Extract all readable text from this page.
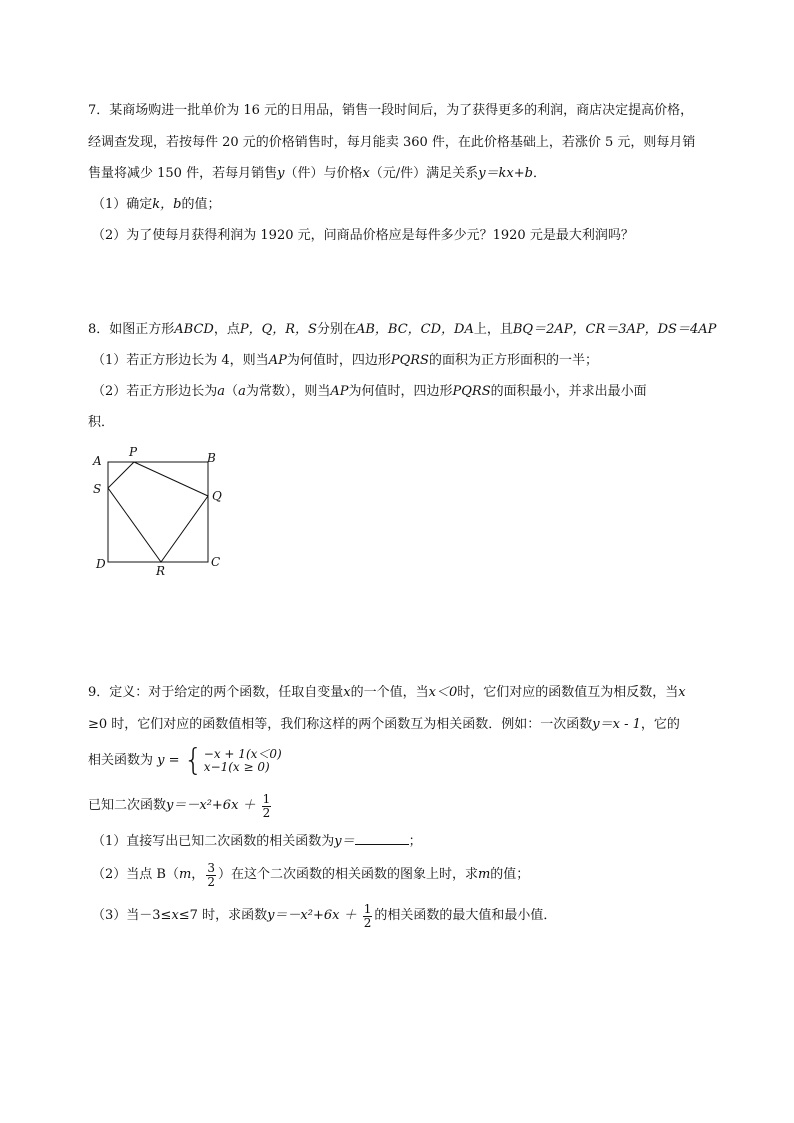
7．某商场购进一批单价为 16 元的日用品，销售一段时间后，为了获得更多的利润，商店决定提高价格，
经调查发现，若按每件 20 元的价格销售时，每月能卖 360 件，在此价格基础上，若涨价 5 元，则每月销
售量将减少 150 件，若每月销售y（件）与价格x（元/件）满足关系y＝kx+b．
（1）确定k，b的值；
（2）为了使每月获得利润为 1920 元，问商品价格应是每件多少元？1920 元是最大利润吗？
8．如图正方形ABCD，点P，Q，R，S分别在AB，BC，CD，DA上，且BQ＝2AP，CR＝3AP，DS＝4AP
（1）若正方形边长为 4，则当AP为何值时，四边形PQRS的面积为正方形面积的一半；
（2）若正方形边长为a（a为常数），则当AP为何值时，四边形PQRS的面积最小，并求出最小面
积．
A
P	B
S	Q
D	R
C
9．定义：对于给定的两个函数，任取自变量x的一个值，当x＜0时，它们对应的函数值互为相反数，当x
≥0 时，它们对应的函数值相等，我们称这样的两个函数互为相关函数．例如：一次函数y＝x - 1，它的
相关函数为 y = { −x + 1(x＜0)
x−1(x ≥ 0)
已知二次函数$y=-x^2+6x + \frac{1}{2}$
（1）直接写出已知二次函数的相关函数为y＝	；
（2）当点 B（m， $\frac{3}{2}$ ）在这个二次函数的相关函数的图象上时，求m的值；
（3）当－3≤x≤7 时，求函数$y=-x^2+6x + \frac{1}{2}$ 的相关函数的最大值和最小值．
